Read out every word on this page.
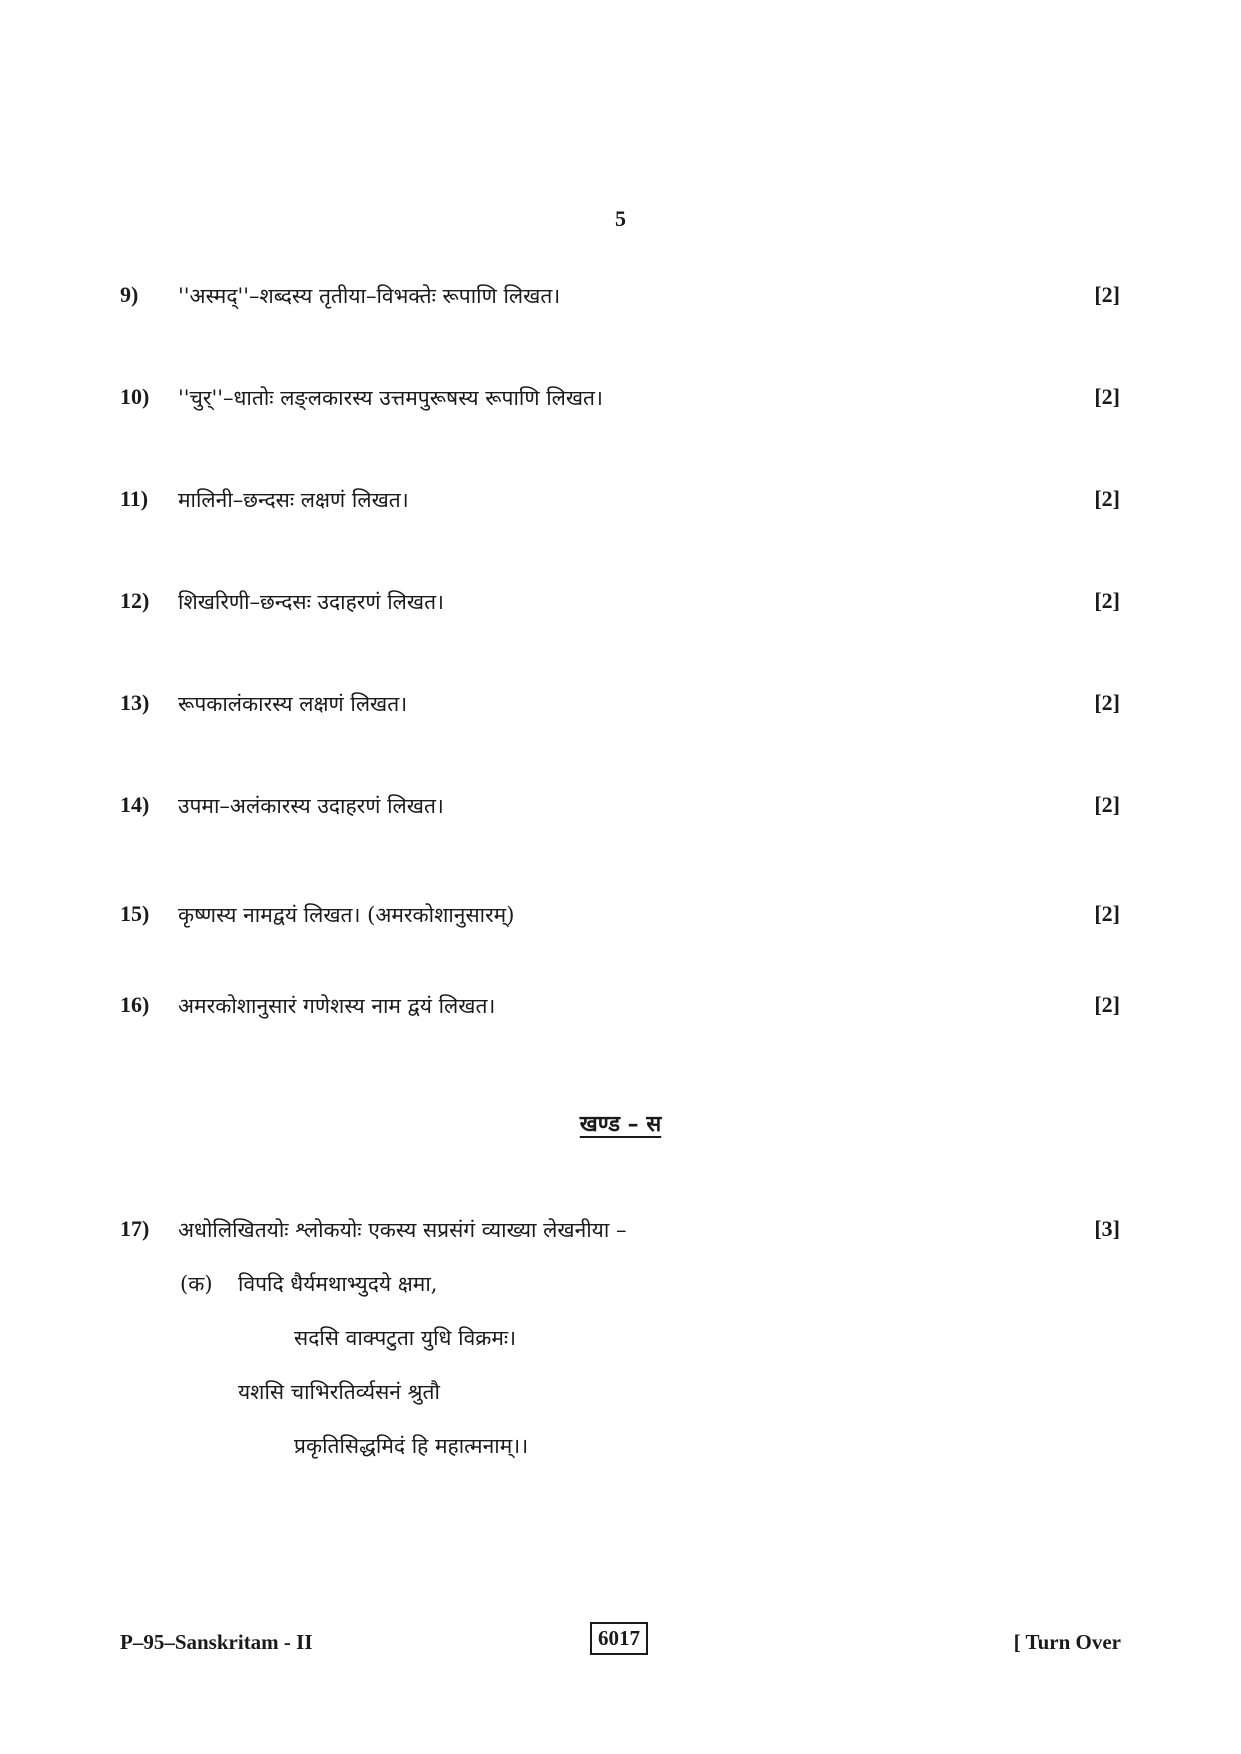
5
9) ''अस्मद्''–शब्दस्य तृतीया–विभक्तेः रूपाणि लिखत।	[2]
10) ''चुर्''–धातोः लङ्लकारस्य उत्तमपुरूषस्य रूपाणि लिखत।	[2]
11) मालिनी–छन्दसः लक्षणं लिखत।	[2]
12) शिखरिणी–छन्दसः उदाहरणं लिखत।	[2]
13) रूपकालंकारस्य लक्षणं लिखत।	[2]
14) उपमा–अलंकारस्य उदाहरणं लिखत।	[2]
15) कृष्णस्य नामद्वयं लिखत। (अमरकोशानुसारम्)	[2]
16) अमरकोशानुसारं गणेशस्य नाम द्वयं लिखत।	[2]
खण्ड – स
17) अधोलिखितयोः श्लोकयोः एकस्य सप्रसंगं व्याख्या लेखनीया –	[3]
(क) विपदि धैर्यमथाभ्युदये क्षमा,
सदसि वाक्पटुता युधि विक्रमः।
यशसि चाभिरतिर्व्यसनं श्रुतौ
प्रकृतिसिद्धमिदं हि महात्मनाम्।।
P–95–Sanskritam - II	6017	[ Turn Over
